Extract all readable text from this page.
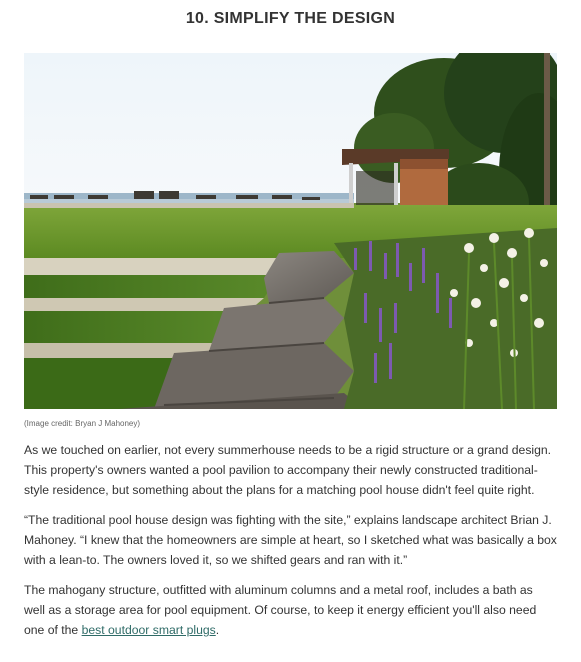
10. SIMPLIFY THE DESIGN

(Image credit: Bryan J Mahoney)

As we touched on earlier, not every summerhouse needs to be a rigid structure or a grand design. This property's owners wanted a pool pavilion to accompany their newly constructed traditional-style residence, but something about the plans for a matching pool house didn't feel quite right.

“The traditional pool house design was fighting with the site,” explains landscape architect Brian J. Mahoney. “I knew that the homeowners are simple at heart, so I sketched what was basically a box with a lean-to. The owners loved it, so we shifted gears and ran with it.”

The mahogany structure, outfitted with aluminum columns and a metal roof, includes a bath as well as a storage area for pool equipment. Of course, to keep it energy efficient you'll also need one of the best outdoor smart plugs.
